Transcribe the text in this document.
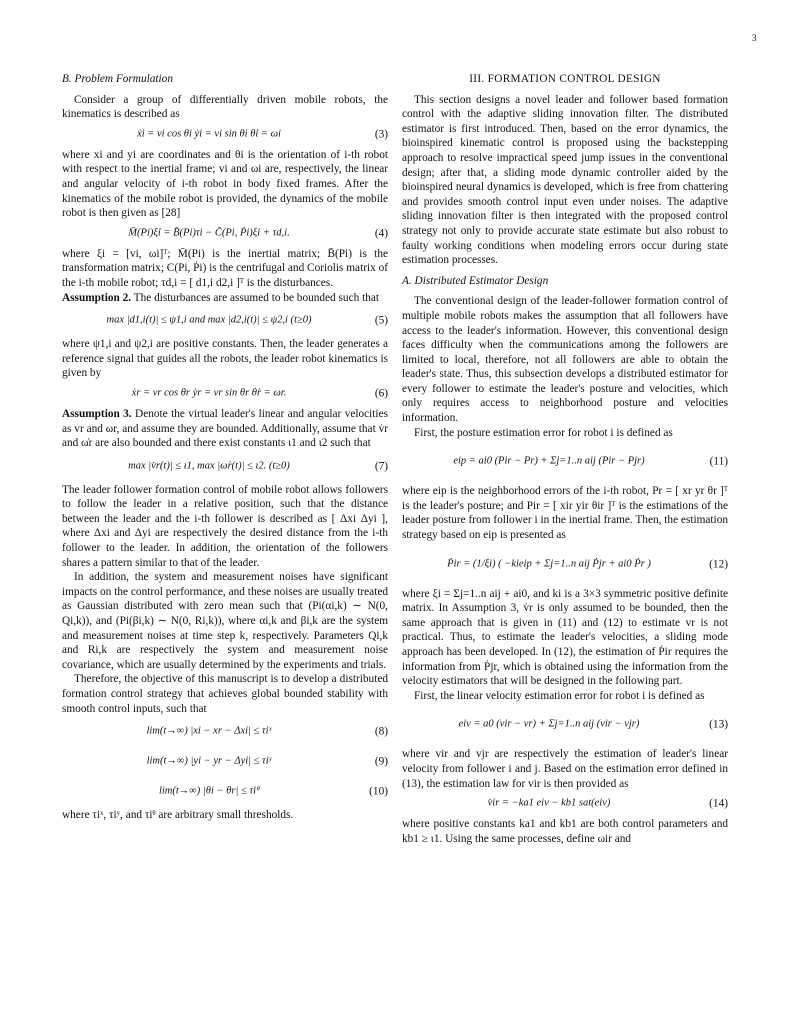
3
B. Problem Formulation

Consider a group of differentially driven mobile robots, the kinematics is described as

ẋi = vi cos θi ẏi = vi sin θi θ̇i = ωi	(3)

where xi and yi are coordinates and θi is the orientation of i-th robot with respect to the inertial frame; vi and ωi are, respectively, the linear and angular velocity of i-th robot in body fixed frames. After the kinematics of the mobile robot is provided, the dynamics of the mobile robot is then given as [28]

M̄(Pi)ξ̇i = B̄(Pi)τi − C̄(Pi, Ṗi)ξi + τd,i.	(4)

where ξi = [vi, ωi]ᵀ; M̄(Pi) is the inertial matrix; B̄(Pi) is the transformation matrix; C(Pi, Ṗi) is the centrifugal and Coriolis matrix of the i-th mobile robot; τd,i = [ d1,i d2,i ]ᵀ is the disturbances.

Assumption 2. The disturbances are assumed to be bounded such that

max |d1,i(t)| ≤ ψ1,i and max |d2,i(t)| ≤ ψ2,i (t≥0)	(5)

where ψ1,i and ψ2,i are positive constants. Then, the leader generates a reference signal that guides all the robots, the leader robot kinematics is given by

ẋr = vr cos θr ẏr = vr sin θr θ̇r = ωr.	(6)

Assumption 3. Denote the virtual leader's linear and angular velocities as vr and ωr, and assume they are bounded. Additionally, assume that v̇r and ω̇r are also bounded and there exist constants ι1 and ι2 such that

max |v̇r(t)| ≤ ι1, max |ω̇r(t)| ≤ ι2. (t≥0)	(7)

The leader follower formation control of mobile robot allows followers to follow the leader in a relative position, such that the distance between the leader and the i-th follower is described as [ Δxi Δyi ], where Δxi and Δyi are respectively the desired distance from the i-th follower to the leader. In addition, the orientation of the followers shares a pattern similar to that of the leader.

In addition, the system and measurement noises have significant impacts on the control performance, and these noises are usually treated as Gaussian distributed with zero mean such that (Pi(αi,k) ∼ N(0, Qi,k)), and (Pi(βi,k) ∼ N(0, Ri,k)), where αi,k and βi,k are the system and measurement noises at time step k, respectively. Parameters Qi,k and Ri,k are respectively the system and measurement noise covariance, which are usually determined by the experiments and trials.

Therefore, the objective of this manuscript is to develop a distributed formation control strategy that achieves global bounded stability with smooth control inputs, such that

lim(t→∞) |xi − xr − Δxi| ≤ τiˣ	(8)
lim(t→∞) |yi − yr − Δyi| ≤ τiʸ	(9)
lim(t→∞) |θi − θr| ≤ τiᶿ	(10)

where τiˣ, τiʸ, and τiᶿ are arbitrary small thresholds.

III. FORMATION CONTROL DESIGN

This section designs a novel leader and follower based formation control with the adaptive sliding innovation filter. The distributed estimator is first introduced. Then, based on the error dynamics, the bioinspired kinematic control is proposed using the backstepping approach to resolve impractical speed jump issues in the conventional design; after that, a sliding mode dynamic controller aided by the bioinspired neural dynamics is developed, which is free from chattering and provides smooth control input even under noises. The adaptive sliding innovation filter is then integrated with the proposed control strategy not only to provide accurate state estimate but also robust to faulty working conditions when modeling errors occur during state estimation processes.

A. Distributed Estimator Design

The conventional design of the leader-follower formation control of multiple mobile robots makes the assumption that all followers have access to the leader's information. However, this conventional design faces difficulty when the communications among the followers are limited to local, therefore, not all followers are able to obtain the leader's state. Thus, this subsection develops a distributed estimator for every follower to estimate the leader's posture and velocities, which only requires access to neighborhood posture and velocities information.

First, the posture estimation error for robot i is defined as

eip = ai0 (Pir − Pr) + Σj=1..n aij (Pir − Pjr)	(11)

where eip is the neighborhood errors of the i-th robot, Pr = [ xr yr θr ]ᵀ is the leader's posture; and Pir = [ xir yir θir ]ᵀ is the estimations of the leader posture from follower i in the inertial frame. Then, the estimation strategy based on eip is presented as

Ṗir = (1/ξi) ( −kieip + Σj=1..n aij Ṗjr + ai0 Ṗr )	(12)

where ξi = Σj=1..n aij + ai0, and ki is a 3×3 symmetric positive definite matrix. In Assumption 3, v̇r is only assumed to be bounded, then the same approach that is given in (11) and (12) to estimate vr is not practical. Thus, to estimate the leader's velocities, a sliding mode approach has been developed. In (12), the estimation of Ṗir requires the information from Ṗjr, which is obtained using the information from the velocity estimators that will be designed in the following part.

First, the linear velocity estimation error for robot i is defined as

eiv = a0 (vir − vr) + Σj=1..n aij (vir − vjr)	(13)

where vir and vjr are respectively the estimation of leader's linear velocity from follower i and j. Based on the estimation error defined in (13), the estimation law for vir is then provided as

v̇ir = −ka1 eiv − kb1 sat(eiv)	(14)

where positive constants ka1 and kb1 are both control parameters and kb1 ≥ ι1. Using the same processes, define ωir and
